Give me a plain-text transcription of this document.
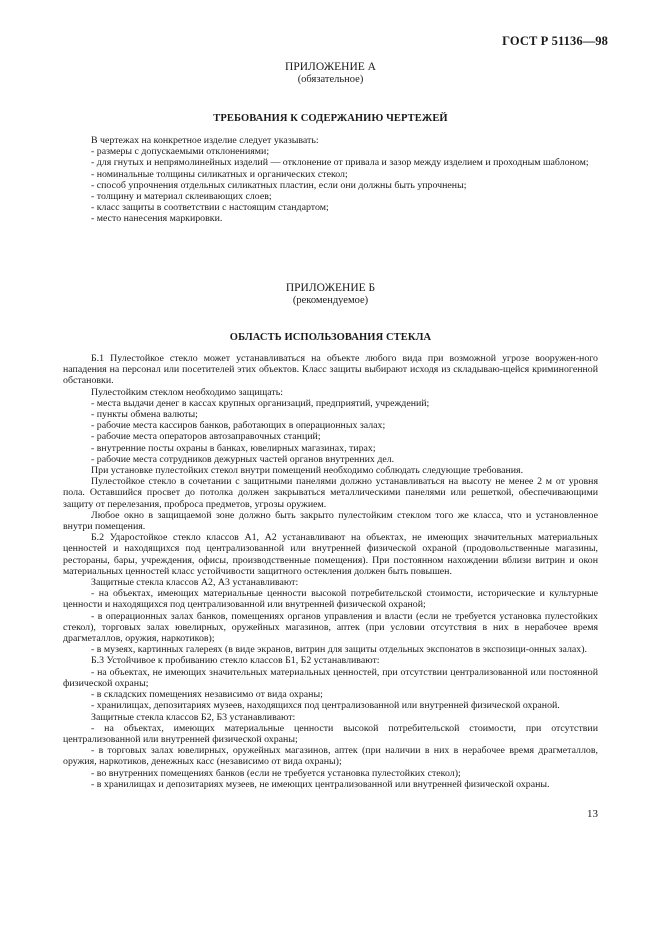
ГОСТ Р 51136—98
ПРИЛОЖЕНИЕ А
(обязательное)
ТРЕБОВАНИЯ К СОДЕРЖАНИЮ ЧЕРТЕЖЕЙ

В чертежах на конкретное изделие следует указывать:

- размеры с допускаемыми отклонениями;

- для гнутых и непрямолинейных изделий — отклонение от привала и зазор между изделием и проходным шаблоном;

- номинальные толщины силикатных и органических стекол;

- способ упрочнения отдельных силикатных пластин, если они должны быть упрочнены;

- толщину и материал склеивающих слоев;

- класс защиты в соответствии с настоящим стандартом;

- место нанесения маркировки.

ПРИЛОЖЕНИЕ Б
(рекомендуемое)
ОБЛАСТЬ ИСПОЛЬЗОВАНИЯ СТЕКЛА

Б.1 Пулестойкое стекло может устанавливаться на объекте любого вида при возможной угрозе вооружен-ного нападения на персонал или посетителей этих объектов. Класс защиты выбирают исходя из складываю-щейся криминогенной обстановки.

Пулестойким стеклом необходимо защищать:

- места выдачи денег в кассах крупных организаций, предприятий, учреждений;

- пункты обмена валюты;

- рабочие места кассиров банков, работающих в операционных залах;

- рабочие места операторов автозаправочных станций;

- внутренние посты охраны в банках, ювелирных магазинах, тирах;

- рабочие места сотрудников дежурных частей органов внутренних дел.

При установке пулестойких стекол внутри помещений необходимо соблюдать следующие требования.

Пулестойкое стекло в сочетании с защитными панелями должно устанавливаться на высоту не менее 2 м от уровня пола. Оставшийся просвет до потолка должен закрываться металлическими панелями или решеткой, обеспечивающими защиту от перелезания, проброса предметов, угрозы оружием.

Любое окно в защищаемой зоне должно быть закрыто пулестойким стеклом того же класса, что и установленное внутри помещения.

Б.2 Ударостойкое стекло классов А1, А2 устанавливают на объектах, не имеющих значительных материальных ценностей и находящихся под централизованной или внутренней физической охраной (продовольственные магазины, рестораны, бары, учреждения, офисы, производственные помещения). При постоянном нахождении вблизи витрин и окон материальных ценностей класс устойчивости защитного остекления должен быть повышен.

Защитные стекла классов А2, А3 устанавливают:

- на объектах, имеющих материальные ценности высокой потребительской стоимости, исторические и культурные ценности и находящихся под централизованной или внутренней физической охраной;

- в операционных залах банков, помещениях органов управления и власти (если не требуется установка пулестойких стекол), торговых залах ювелирных, оружейных магазинов, аптек (при условии отсутствия в них в нерабочее время драгметаллов, оружия, наркотиков);

- в музеях, картинных галереях (в виде экранов, витрин для защиты отдельных экспонатов в экспозици-онных залах).

Б.3 Устойчивое к пробиванию стекло классов Б1, Б2 устанавливают:

- на объектах, не имеющих значительных материальных ценностей, при отсутствии централизованной или постоянной физической охраны;

- в складских помещениях независимо от вида охраны;

- хранилищах, депозитариях музеев, находящихся под централизованной или внутренней физической охраной.

Защитные стекла классов Б2, Б3 устанавливают:

- на объектах, имеющих материальные ценности высокой потребительской стоимости, при отсутствии централизованной или внутренней физической охраны;

- в торговых залах ювелирных, оружейных магазинов, аптек (при наличии в них в нерабочее время драгметаллов, оружия, наркотиков, денежных касс (независимо от вида охраны);

- во внутренних помещениях банков (если не требуется установка пулестойких стекол);

- в хранилищах и депозитариях музеев, не имеющих централизованной или внутренней физической охраны.

13
